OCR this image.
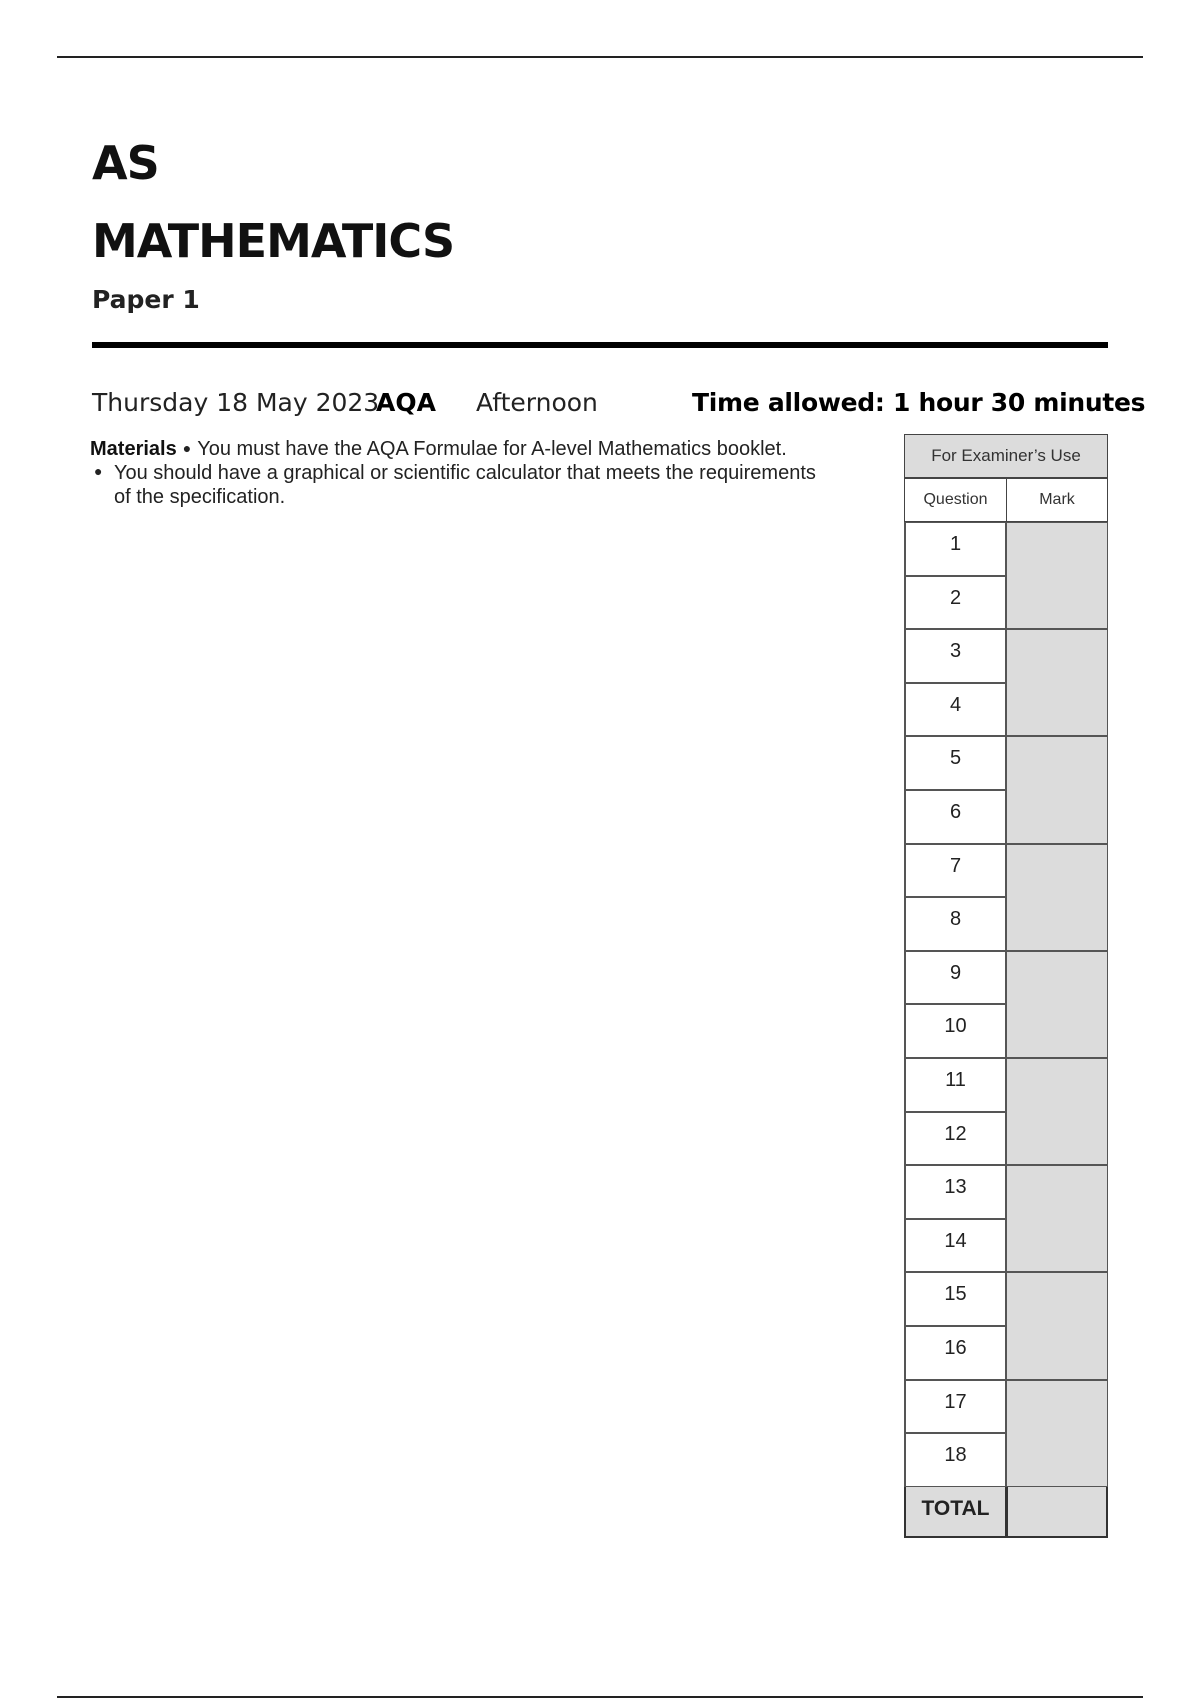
AS
MATHEMATICS
Paper 1
Thursday 18 May 2023
AQA Afternoon	Time allowed: 1 hour 30 minutes
Materials ● You must have the AQA Formulae for A-level Mathematics booklet.
● You should have a graphical or scientific calculator that meets the requirements
of the specification.
For Examiner’s Use
Question	Mark
TOTAL
1
2
3
4
5
6
7
8
9
10
11
12
13
14
15
16
17
18
